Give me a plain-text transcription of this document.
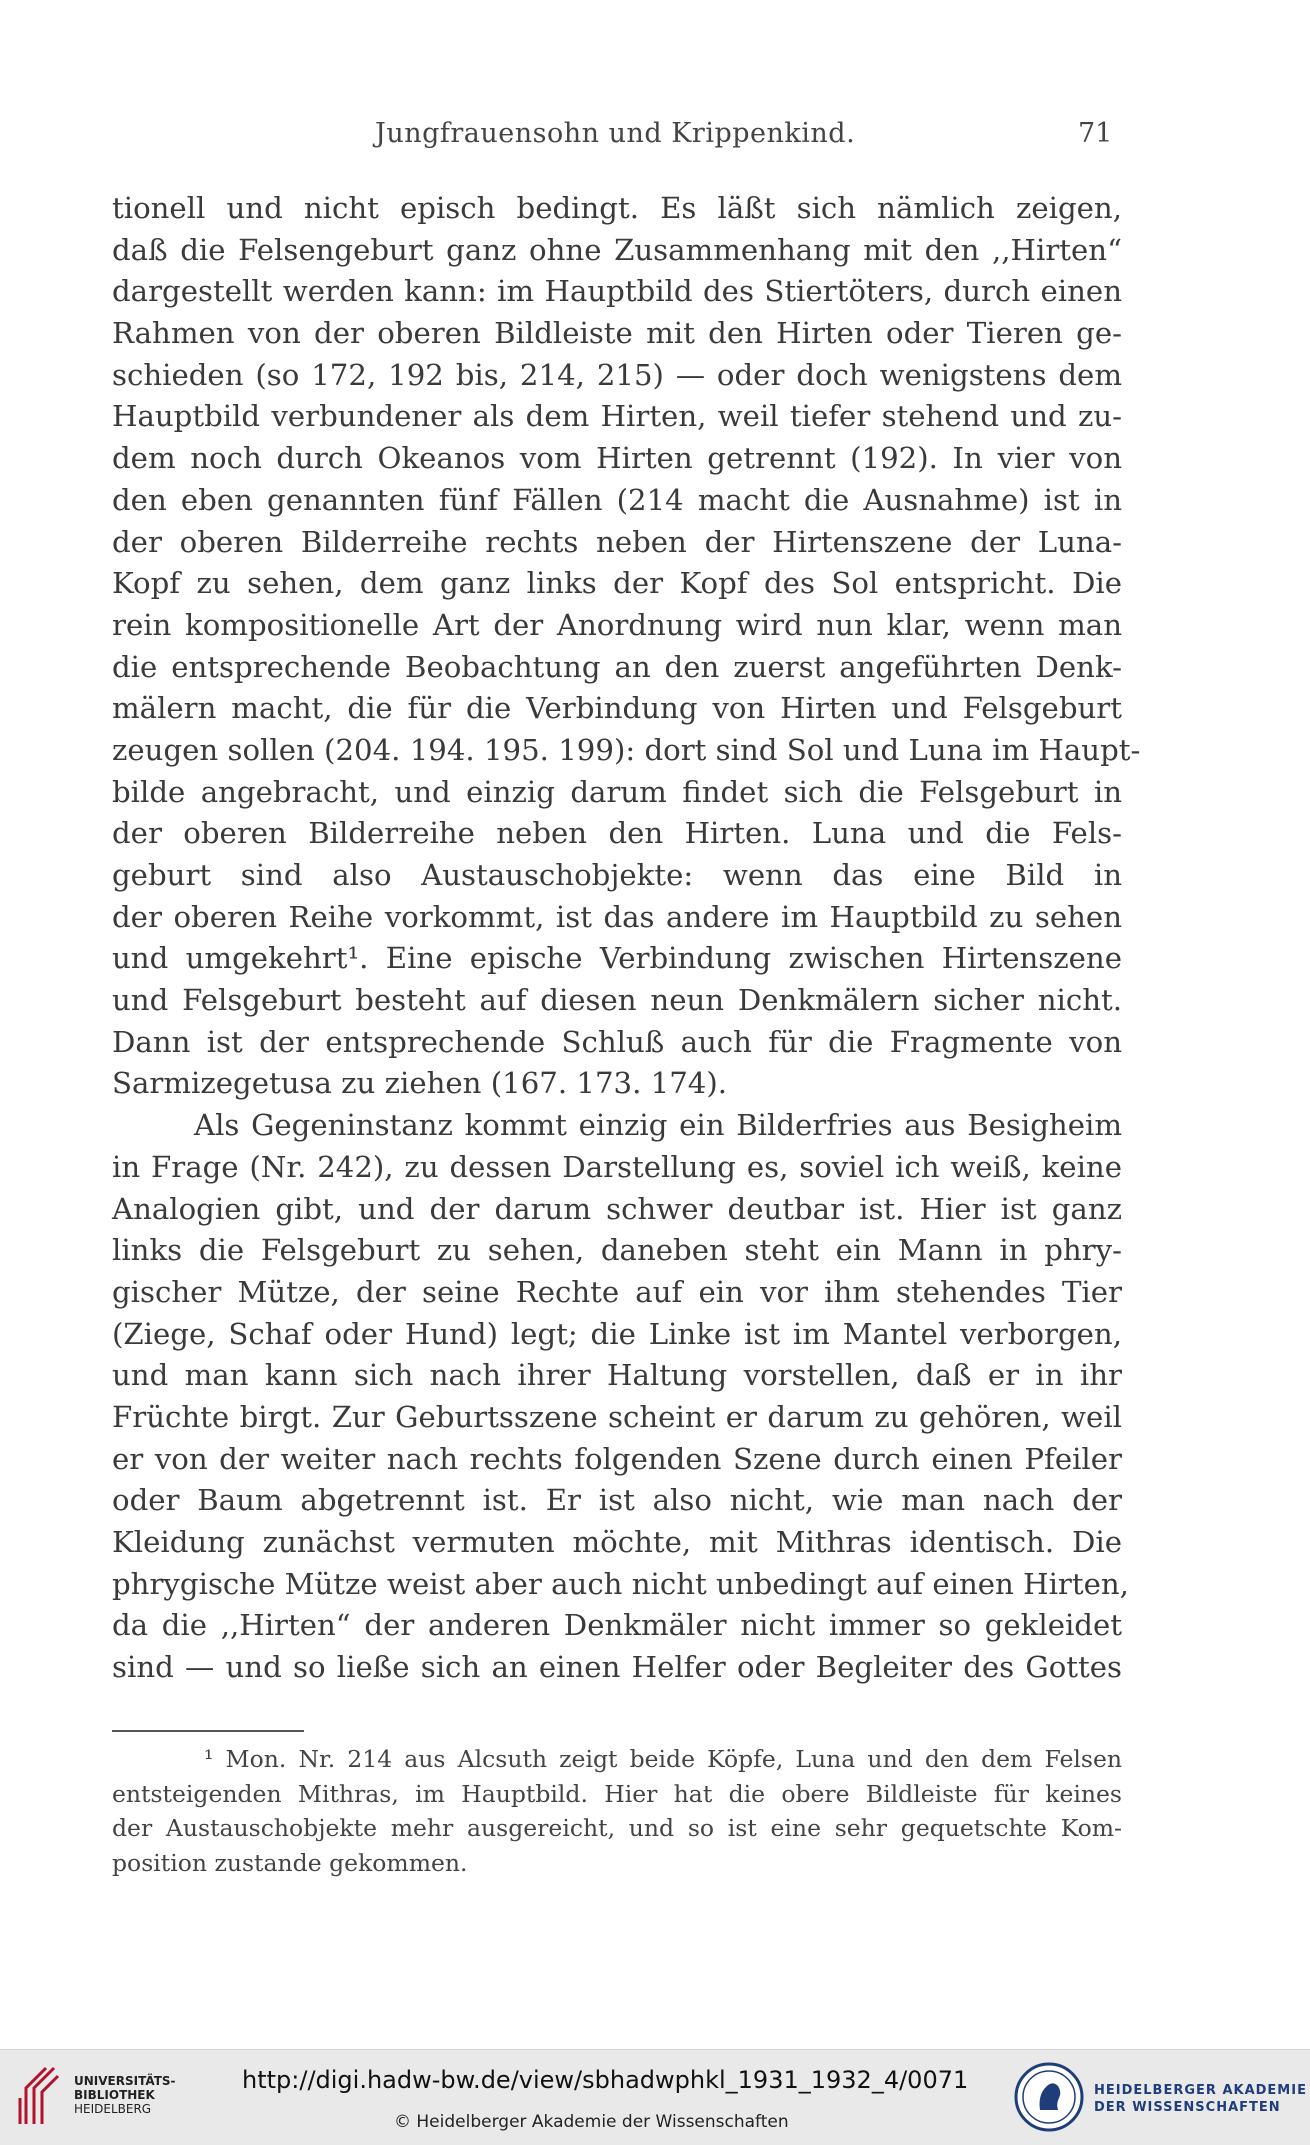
Jungfrauensohn und Krippenkind.	71
tionell und nicht episch bedingt. Es läßt sich nämlich zeigen,
daß die Felsengeburt ganz ohne Zusammenhang mit den ,,Hirten“
dargestellt werden kann: im Hauptbild des Stiertöters, durch einen
Rahmen von der oberen Bildleiste mit den Hirten oder Tieren ge-
schieden (so 172, 192 bis, 214, 215) — oder doch wenigstens dem
Hauptbild verbundener als dem Hirten, weil tiefer stehend und zu-
dem noch durch Okeanos vom Hirten getrennt (192). In vier von
den eben genannten fünf Fällen (214 macht die Ausnahme) ist in
der oberen Bilderreihe rechts neben der Hirtenszene der Luna-
Kopf zu sehen, dem ganz links der Kopf des Sol entspricht. Die
rein kompositionelle Art der Anordnung wird nun klar, wenn man
die entsprechende Beobachtung an den zuerst angeführten Denk-
mälern macht, die für die Verbindung von Hirten und Felsgeburt
zeugen sollen (204. 194. 195. 199): dort sind Sol und Luna im Haupt-
bilde angebracht, und einzig darum findet sich die Felsgeburt in
der oberen Bilderreihe neben den Hirten. Luna und die Fels-
geburt sind also Austauschobjekte: wenn das eine Bild in
der oberen Reihe vorkommt, ist das andere im Hauptbild zu sehen
und umgekehrt¹. Eine epische Verbindung zwischen Hirtenszene
und Felsgeburt besteht auf diesen neun Denkmälern sicher nicht.
Dann ist der entsprechende Schluß auch für die Fragmente von
Sarmizegetusa zu ziehen (167. 173. 174).
Als Gegeninstanz kommt einzig ein Bilderfries aus Besigheim
in Frage (Nr. 242), zu dessen Darstellung es, soviel ich weiß, keine
Analogien gibt, und der darum schwer deutbar ist. Hier ist ganz
links die Felsgeburt zu sehen, daneben steht ein Mann in phry-
gischer Mütze, der seine Rechte auf ein vor ihm stehendes Tier
(Ziege, Schaf oder Hund) legt; die Linke ist im Mantel verborgen,
und man kann sich nach ihrer Haltung vorstellen, daß er in ihr
Früchte birgt. Zur Geburtsszene scheint er darum zu gehören, weil
er von der weiter nach rechts folgenden Szene durch einen Pfeiler
oder Baum abgetrennt ist. Er ist also nicht, wie man nach der
Kleidung zunächst vermuten möchte, mit Mithras identisch. Die
phrygische Mütze weist aber auch nicht unbedingt auf einen Hirten,
da die ,,Hirten“ der anderen Denkmäler nicht immer so gekleidet
sind — und so ließe sich an einen Helfer oder Begleiter des Gottes
¹ Mon. Nr. 214 aus Alcsuth zeigt beide Köpfe, Luna und den dem Felsen
entsteigenden Mithras, im Hauptbild. Hier hat die obere Bildleiste für keines
der Austauschobjekte mehr ausgereicht, und so ist eine sehr gequetschte Kom-
position zustande gekommen.
UNIVERSITÄTS-
BIBLIOTHEK
HEIDELBERG
http://digi.hadw-bw.de/view/sbhadwphkl_1931_1932_4/0071
© Heidelberger Akademie der Wissenschaften
HEIDELBERGER AKADEMIE
DER WISSENSCHAFTEN
